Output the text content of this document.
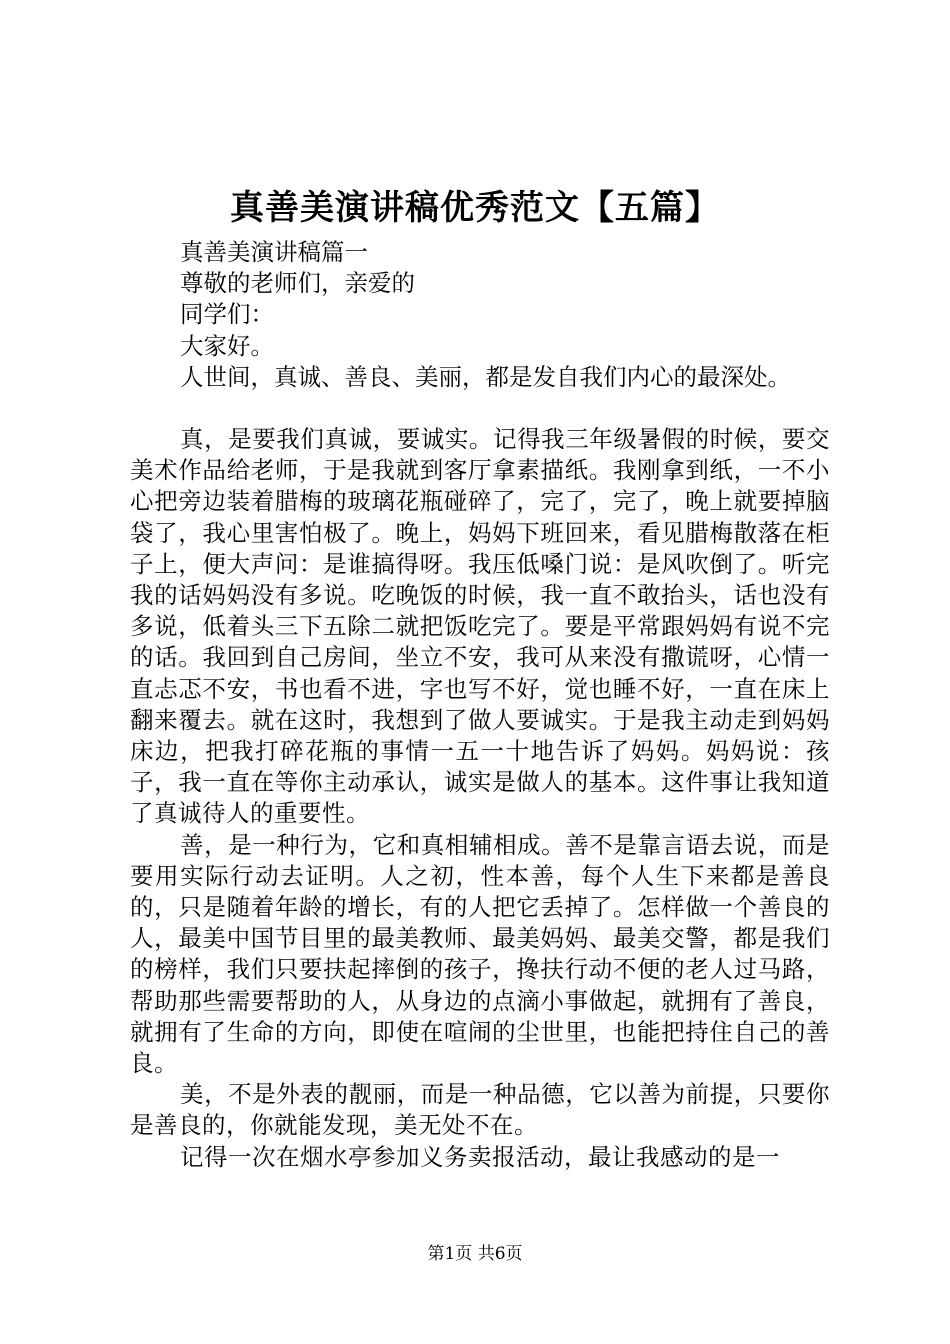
真善美演讲稿优秀范文【五篇】

真善美演讲稿篇一

尊敬的老师们，亲爱的

同学们：

大家好。

人世间，真诚、善良、美丽，都是发自我们内心的最深处。

真，是要我们真诚，要诚实。记得我三年级暑假的时候，要交美术作品给老师，于是我就到客厅拿素描纸。我刚拿到纸，一不小心把旁边装着腊梅的玻璃花瓶碰碎了，完了，完了，晚上就要掉脑袋了，我心里害怕极了。晚上，妈妈下班回来，看见腊梅散落在柜子上，便大声问：是谁搞得呀。我压低嗓门说：是风吹倒了。听完我的话妈妈没有多说。吃晚饭的时候，我一直不敢抬头，话也没有多说，低着头三下五除二就把饭吃完了。要是平常跟妈妈有说不完的话。我回到自己房间，坐立不安，我可从来没有撒谎呀，心情一直忐忑不安，书也看不进，字也写不好，觉也睡不好，一直在床上翻来覆去。就在这时，我想到了做人要诚实。于是我主动走到妈妈床边，把我打碎花瓶的事情一五一十地告诉了妈妈。妈妈说：孩子，我一直在等你主动承认，诚实是做人的基本。这件事让我知道了真诚待人的重要性。

善，是一种行为，它和真相辅相成。善不是靠言语去说，而是要用实际行动去证明。人之初，性本善，每个人生下来都是善良的，只是随着年龄的增长，有的人把它丢掉了。怎样做一个善良的人，最美中国节目里的最美教师、最美妈妈、最美交警，都是我们的榜样，我们只要扶起摔倒的孩子，搀扶行动不便的老人过马路，帮助那些需要帮助的人，从身边的点滴小事做起，就拥有了善良，就拥有了生命的方向，即使在喧闹的尘世里，也能把持住自己的善良。

美，不是外表的靓丽，而是一种品德，它以善为前提，只要你是善良的，你就能发现，美无处不在。

记得一次在烟水亭参加义务卖报活动，最让我感动的是一

第1页 共6页
